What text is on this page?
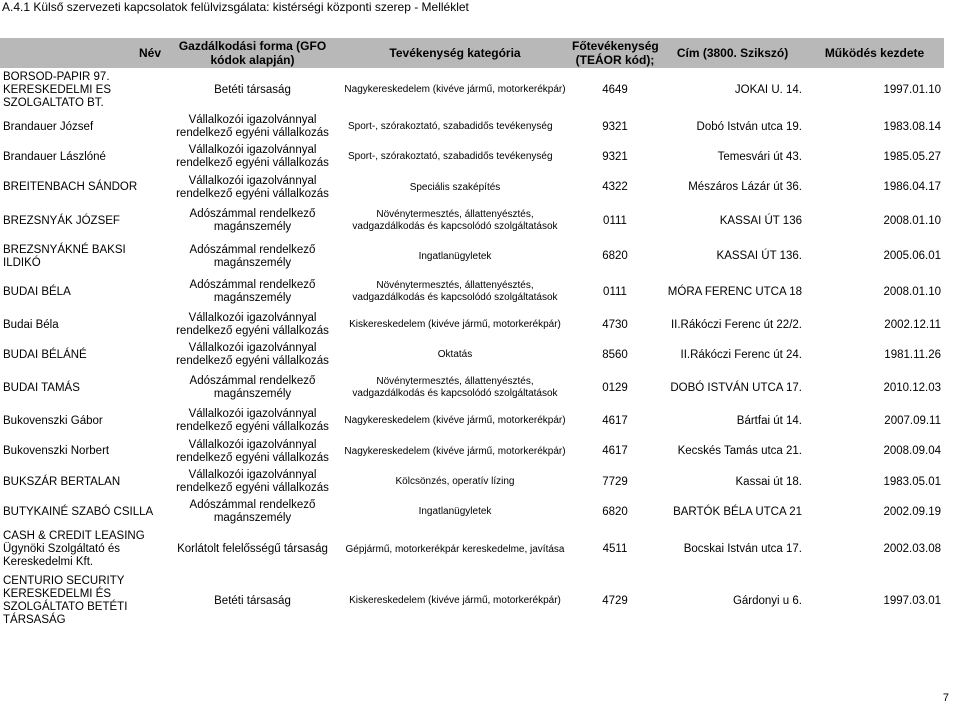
A.4.1 Külső szervezeti kapcsolatok felülvizsgálata: kistérségi központi szerep - Melléklet
Név	Gazdálkodási forma (GFO kódok alapján)	Tevékenység kategória	Főtevékenység (TEÁOR kód);	Cím (3800. Szikszó)	Működés kezdete
BORSOD-PAPIR 97. KERESKEDELMI ES SZOLGALTATO BT.	Betéti társaság	Nagykereskedelem (kivéve jármű, motorkerékpár)	4649	JOKAI U. 14.	1997.01.10
Brandauer József	Vállalkozói igazolvánnyal rendelkező egyéni vállalkozás	Sport-, szórakoztató, szabadidős tevékenység	9321	Dobó István utca 19.	1983.08.14
Brandauer Lászlóné	Vállalkozói igazolvánnyal rendelkező egyéni vállalkozás	Sport-, szórakoztató, szabadidős tevékenység	9321	Temesvári út 43.	1985.05.27
BREITENBACH SÁNDOR	Vállalkozói igazolvánnyal rendelkező egyéni vállalkozás	Speciális szaképítés	4322	Mészáros Lázár út 36.	1986.04.17
BREZSNYÁK JÓZSEF	Adószámmal rendelkező magánszemély	Növénytermesztés, állattenyésztés, vadgazdálkodás és kapcsolódó szolgáltatások	0111	KASSAI ÚT 136	2008.01.10
BREZSNYÁKNÉ BAKSI ILDIKÓ	Adószámmal rendelkező magánszemély	Ingatlanügyletek	6820	KASSAI ÚT 136.	2005.06.01
BUDAI BÉLA	Adószámmal rendelkező magánszemély	Növénytermesztés, állattenyésztés, vadgazdálkodás és kapcsolódó szolgáltatások	0111	MÓRA FERENC UTCA 18	2008.01.10
Budai Béla	Vállalkozói igazolvánnyal rendelkező egyéni vállalkozás	Kiskereskedelem (kivéve jármű, motorkerékpár)	4730	II.Rákóczi Ferenc út 22/2.	2002.12.11
BUDAI BÉLÁNÉ	Vállalkozói igazolvánnyal rendelkező egyéni vállalkozás	Oktatás	8560	II.Rákóczi Ferenc út 24.	1981.11.26
BUDAI TAMÁS	Adószámmal rendelkező magánszemély	Növénytermesztés, állattenyésztés, vadgazdálkodás és kapcsolódó szolgáltatások	0129	DOBÓ ISTVÁN UTCA 17.	2010.12.03
Bukovenszki Gábor	Vállalkozói igazolvánnyal rendelkező egyéni vállalkozás	Nagykereskedelem (kivéve jármű, motorkerékpár)	4617	Bártfai út 14.	2007.09.11
Bukovenszki Norbert	Vállalkozói igazolvánnyal rendelkező egyéni vállalkozás	Nagykereskedelem (kivéve jármű, motorkerékpár)	4617	Kecskés Tamás utca 21.	2008.09.04
BUKSZÁR BERTALAN	Vállalkozói igazolvánnyal rendelkező egyéni vállalkozás	Kölcsönzés, operatív lízing	7729	Kassai út 18.	1983.05.01
BUTYKAINÉ SZABÓ CSILLA	Adószámmal rendelkező magánszemély	Ingatlanügyletek	6820	BARTÓK BÉLA UTCA 21	2002.09.19
CASH & CREDIT LEASING Ügynöki Szolgáltató és Kereskedelmi Kft.	Korlátolt felelősségű társaság	Gépjármű, motorkerékpár kereskedelme, javítása	4511	Bocskai István utca 17.	2002.03.08
CENTURIO SECURITY KERESKEDELMI ÉS SZOLGÁLTATO BETÉTI TÁRSASÁG	Betéti társaság	Kiskereskedelem (kivéve jármű, motorkerékpár)	4729	Gárdonyi u 6.	1997.03.01
7
